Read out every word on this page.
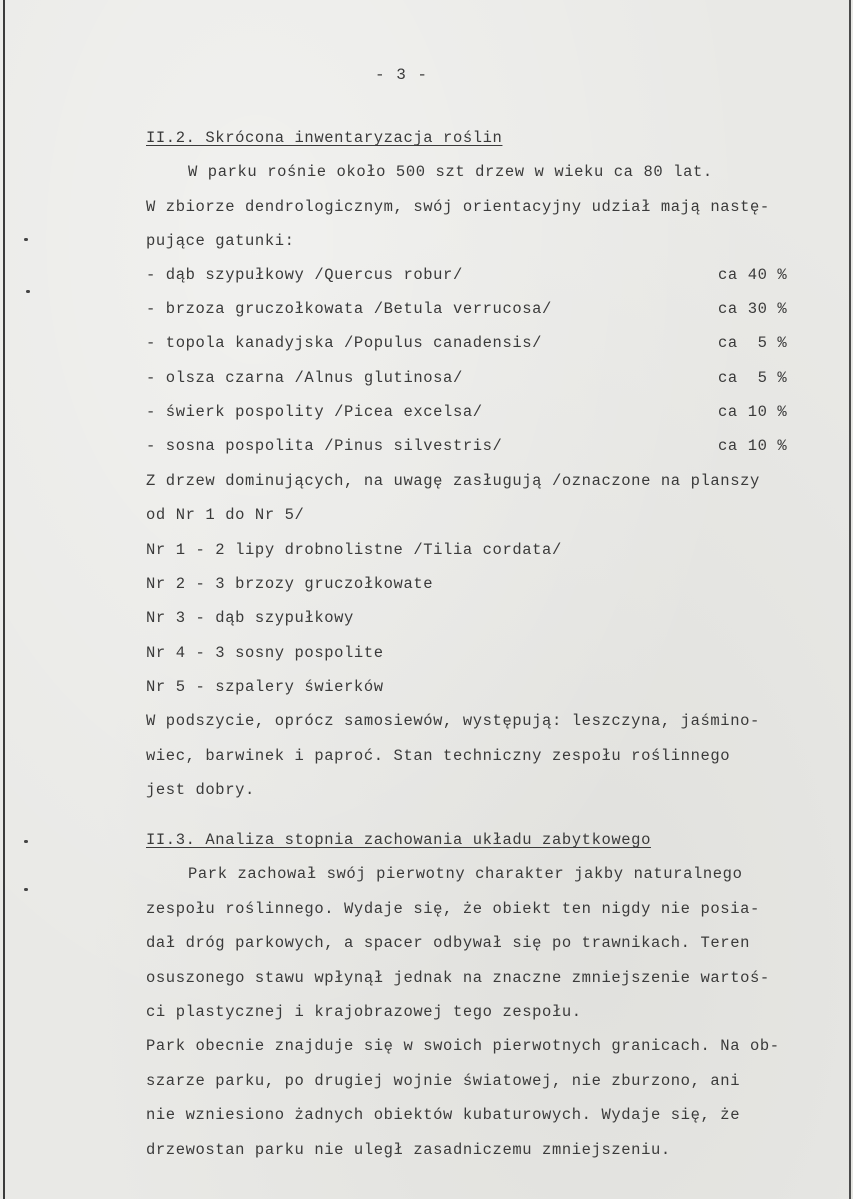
- 3 -
II.2. Skrócona inwentaryzacja roślin
W parku rośnie około 500 szt drzew w wieku ca 80 lat.
W zbiorze dendrologicznym, swój orientacyjny udział mają nastę-
pujące gatunki:
- dąb szypułkowy /Quercus robur/	ca 40 %
- brzoza gruczołkowata /Betula verrucosa/	ca 30 %
- topola kanadyjska /Populus canadensis/	ca  5 %
- olsza czarna /Alnus glutinosa/	ca  5 %
- świerk pospolity /Picea excelsa/	ca 10 %
- sosna pospolita /Pinus silvestris/	ca 10 %
Z drzew dominujących, na uwagę zasługują /oznaczone na planszy
od Nr 1 do Nr 5/
Nr 1 - 2 lipy drobnolistne /Tilia cordata/
Nr 2 - 3 brzozy gruczołkowate
Nr 3 - dąb szypułkowy
Nr 4 - 3 sosny pospolite
Nr 5 - szpalery świerków
W podszycie, oprócz samosiewów, występują: leszczyna, jaśmino-
wiec, barwinek i paproć. Stan techniczny zespołu roślinnego
jest dobry.
II.3. Analiza stopnia zachowania układu zabytkowego
Park zachował swój pierwotny charakter jakby naturalnego
zespołu roślinnego. Wydaje się, że obiekt ten nigdy nie posia-
dał dróg parkowych, a spacer odbywał się po trawnikach. Teren
osuszonego stawu wpłynął jednak na znaczne zmniejszenie wartoś-
ci plastycznej i krajobrazowej tego zespołu.
Park obecnie znajduje się w swoich pierwotnych granicach. Na ob-
szarze parku, po drugiej wojnie światowej, nie zburzono, ani
nie wzniesiono żadnych obiektów kubaturowych. Wydaje się, że
drzewostan parku nie uległ zasadniczemu zmniejszeniu.
